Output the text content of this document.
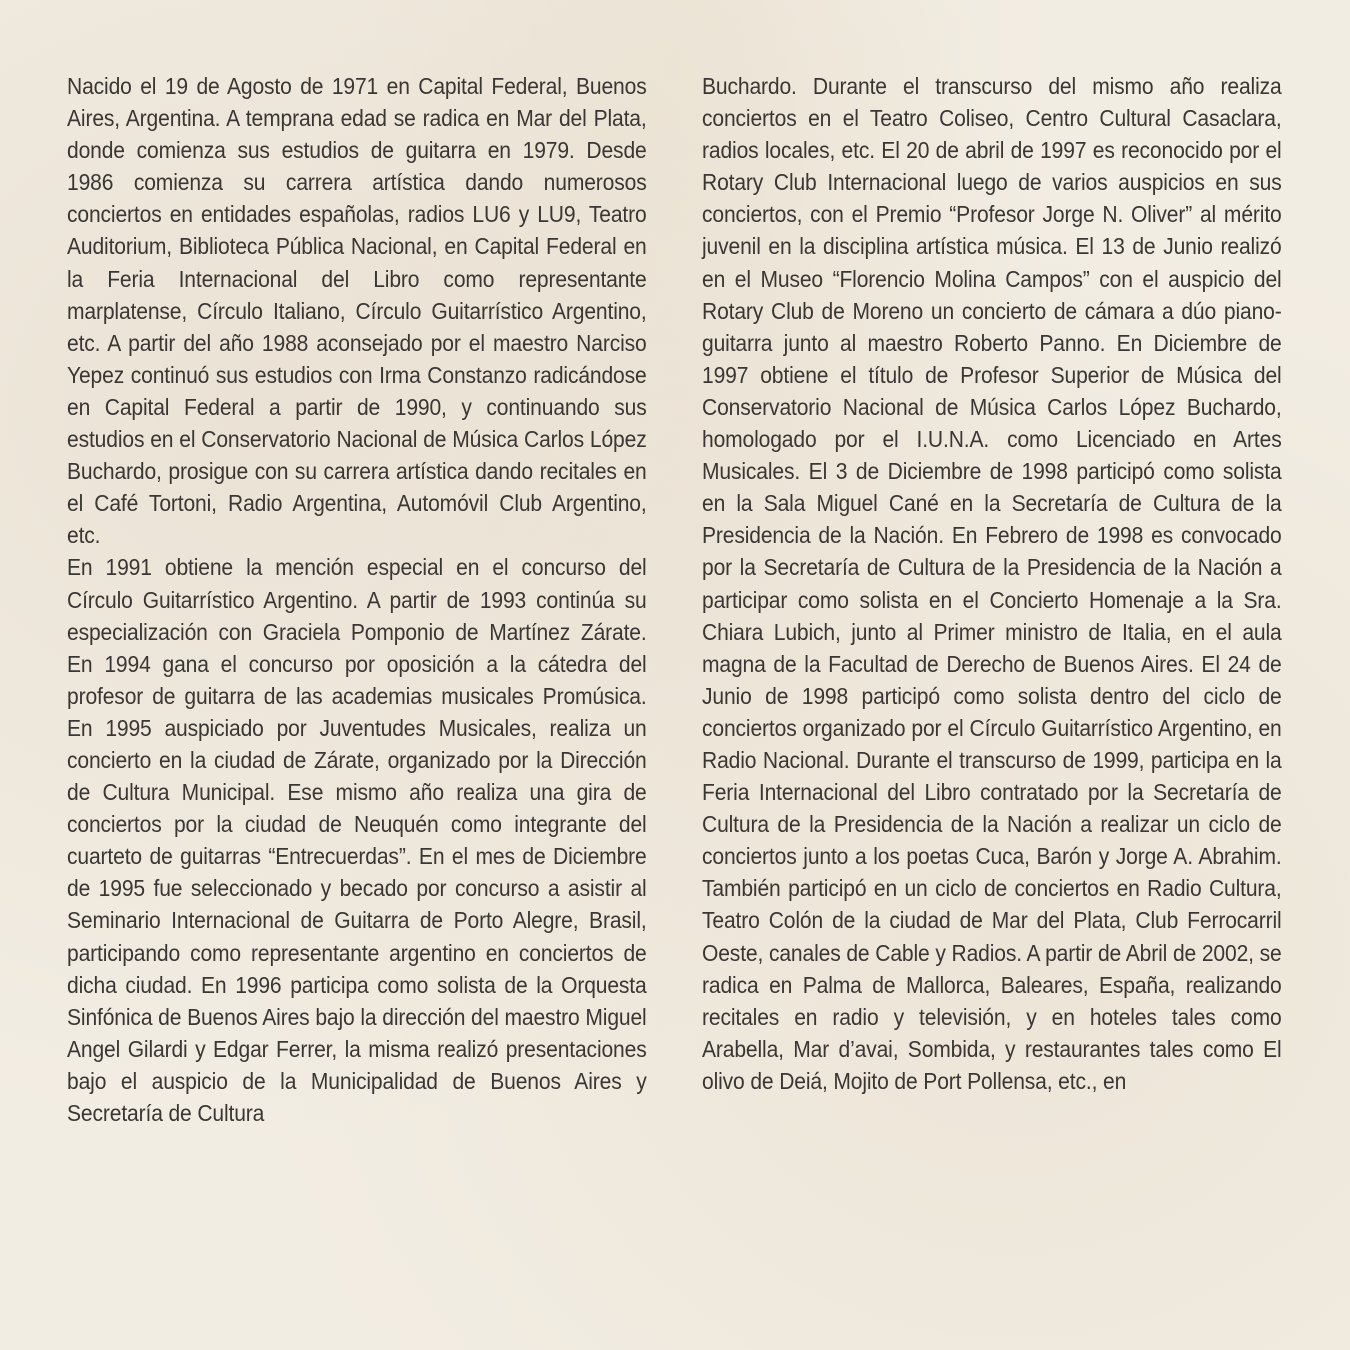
Nacido el 19 de Agosto de 1971 en Capital Federal, Buenos Aires, Argentina. A temprana edad se radica en Mar del Plata, donde comienza sus estudios de guitarra en 1979. Desde 1986 comienza su carrera artística dando numerosos conciertos en entidades españolas, radios LU6 y LU9, Teatro Auditorium, Biblioteca Pública Nacional, en Capital Federal en la Feria Internacional del Libro como representante marplatense, Círculo Italiano, Círculo Guitarrístico Argentino, etc. A partir del año 1988 aconsejado por el maestro Narciso Yepez continuó sus estudios con Irma Constanzo radicándose en Capital Federal a partir de 1990, y continuando sus estudios en el Conservatorio Nacional de Música Carlos López Buchardo, prosigue con su carrera artística dando recitales en el Café Tortoni, Radio Argentina, Automóvil Club Argentino, etc.

En 1991 obtiene la mención especial en el concurso del Círculo Guitarrístico Argentino. A partir de 1993 continúa su especialización con Graciela Pomponio de Martínez Zárate. En 1994 gana el concurso por oposición a la cátedra del profesor de guitarra de las academias musicales Promúsica. En 1995 auspiciado por Juventudes Musicales, realiza un concierto en la ciudad de Zárate, organizado por la Dirección de Cultura Municipal. Ese mismo año realiza una gira de conciertos por la ciudad de Neuquén como integrante del cuarteto de guitarras “Entrecuerdas”. En el mes de Diciembre de 1995 fue seleccionado y becado por concurso a asistir al Seminario Internacional de Guitarra de Porto Alegre, Brasil, participando como representante argentino en conciertos de dicha ciudad. En 1996 participa como solista de la Orquesta Sinfónica de Buenos Aires bajo la dirección del maestro Miguel Angel Gilardi y Edgar Ferrer, la misma realizó presentaciones bajo el auspicio de la Municipalidad de Buenos Aires y Secretaría de Cultura

Buchardo. Durante el transcurso del mismo año realiza conciertos en el Teatro Coliseo, Centro Cultural Casaclara, radios locales, etc. El 20 de abril de 1997 es reconocido por el Rotary Club Internacional luego de varios auspicios en sus conciertos, con el Premio “Profesor Jorge N. Oliver” al mérito juvenil en la disciplina artística música. El 13 de Junio realizó en el Museo “Florencio Molina Campos” con el auspicio del Rotary Club de Moreno un concierto de cámara a dúo piano-guitarra junto al maestro Roberto Panno. En Diciembre de 1997 obtiene el título de Profesor Superior de Música del Conservatorio Nacional de Música Carlos López Buchardo, homologado por el I.U.N.A. como Licenciado en Artes Musicales. El 3 de Diciembre de 1998 participó como solista en la Sala Miguel Cané en la Secretaría de Cultura de la Presidencia de la Nación. En Febrero de 1998 es convocado por la Secretaría de Cultura de la Presidencia de la Nación a participar como solista en el Concierto Homenaje a la Sra. Chiara Lubich, junto al Primer ministro de Italia, en el aula magna de la Facultad de Derecho de Buenos Aires. El 24 de Junio de 1998 participó como solista dentro del ciclo de conciertos organizado por el Círculo Guitarrístico Argentino, en Radio Nacional. Durante el transcurso de 1999, participa en la Feria Internacional del Libro contratado por la Secretaría de Cultura de la Presidencia de la Nación a realizar un ciclo de conciertos junto a los poetas Cuca, Barón y Jorge A. Abrahim. También participó en un ciclo de conciertos en Radio Cultura, Teatro Colón de la ciudad de Mar del Plata, Club Ferrocarril Oeste, canales de Cable y Radios. A partir de Abril de 2002, se radica en Palma de Mallorca, Baleares, España, realizando recitales en radio y televisión, y en hoteles tales como Arabella, Mar d’avai, Sombida, y restaurantes tales como El olivo de Deiá, Mojito de Port Pollensa, etc., en
